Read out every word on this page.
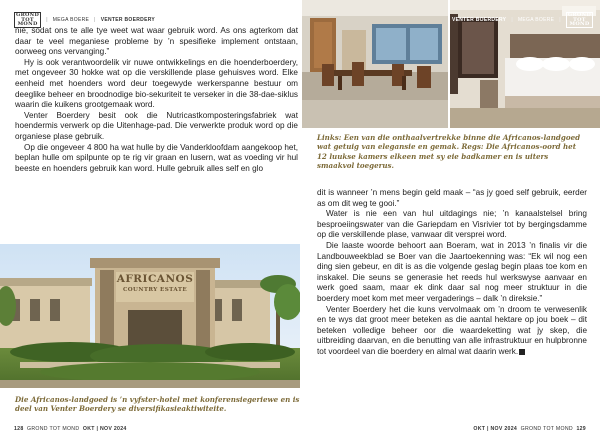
GROND
TOT
MOND
| MEGA BOERE | VENTER BOERDERY

nie, sodat ons te alle tye weet wat waar gebruik word. As ons agterkom dat daar te veel meganiese probleme by ’n spesifieke implement ontstaan, oorweeg ons vervanging.”

Hy is ook verantwoordelik vir nuwe ontwikkelings en die hoenderboerdery, met ongeveer 30 hokke wat op die verskillende plase gehuisves word. Elke eenheid met hoenders word deur toegewyde werkerspanne bestuur om deeglike beheer en broodnodige bio-sekuriteit te verseker in die 38-dae-siklus waarin die kuikens grootgemaak word.

Venter Boerdery besit ook die Nutricastkomposteringsfabriek wat hoendermis verwerk op die Uitenhage-pad. Die verwerkte produk word op die organiese plase gebruik.

Op die ongeveer 4 800 ha wat hulle by die Vanderkloofdam aangekoop het, beplan hulle om spilpunte op te rig vir graan en lusern, wat as voeding vir hul beeste en hoenders gebruik kan word. Hulle gebruik alles self en glo

AFRICANOS
COUNTRY ESTATE
Die Africanos-landgoed is ’n vyfster-hotel met konferensiegeriewe en is deel van Venter Boerdery se diversifikasieaktiwiteite.
VENTER BOERDERY | MEGA BOERE |
GROND
TOT
MOND
Links: Een van die onthaalvertrekke binne die Africanos-landgoed wat getuig van elegansie en gemak. Regs: Die Africanos-oord het 12 luukse kamers elkeen met sy eie badkamer en is uiters smaakvol toegerus.

dit is wanneer ’n mens begin geld maak – “as jy goed self gebruik, eerder as om dit weg te gooi.”

Water is nie een van hul uitdagings nie; ’n kanaalstelsel bring besproeiingswater van die Gariepdam en Visrivier tot by bergingsdamme op die verskillende plase, vanwaar dit versprei word.

Die laaste woorde behoort aan Boeram, wat in 2013 ’n finalis vir die Landbouweekblad se Boer van die Jaartoekenning was: “Ek wil nog een ding sien gebeur, en dit is as die volgende geslag begin plaas toe kom en inskakel. Die seuns se generasie het reeds hul werkswyse aanvaar en werk goed saam, maar ek dink daar sal nog meer struktuur in die boerdery moet kom met meer vergaderings – dalk ’n direksie.”

Venter Boerdery het die kuns vervolmaak om ’n droom te verwesenlik en te wys dat groot meer beteken as die aantal hektare op jou boek – dit beteken volledige beheer oor die waardeketting wat jy skep, die uitbreiding daarvan, en die benutting van alle infrastruktuur en hulpbronne tot voordeel van die boerdery en almal wat daarin werk.

128 GROND TOT MOND OKT | NOV 2024	OKT | NOV 2024 GROND TOT MOND 129
